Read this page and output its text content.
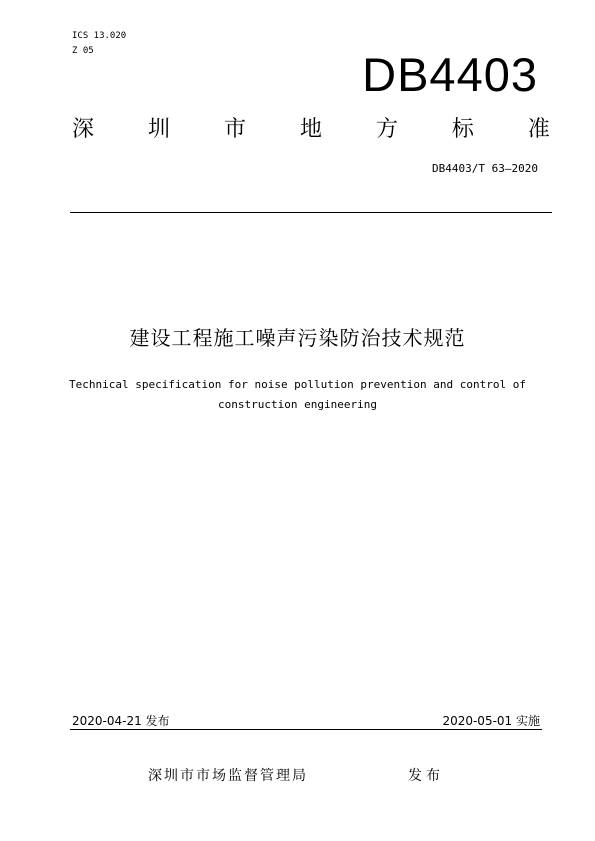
ICS 13.020
Z 05	DB4403
深 圳 市 地 方 标 准
DB4403/T 63—2020
建设工程施工噪声污染防治技术规范
Technical specification for noise pollution prevention and control of
construction engineering
2020-04-21 发布	2020-05-01 实施
深圳市市场监督管理局	发布
